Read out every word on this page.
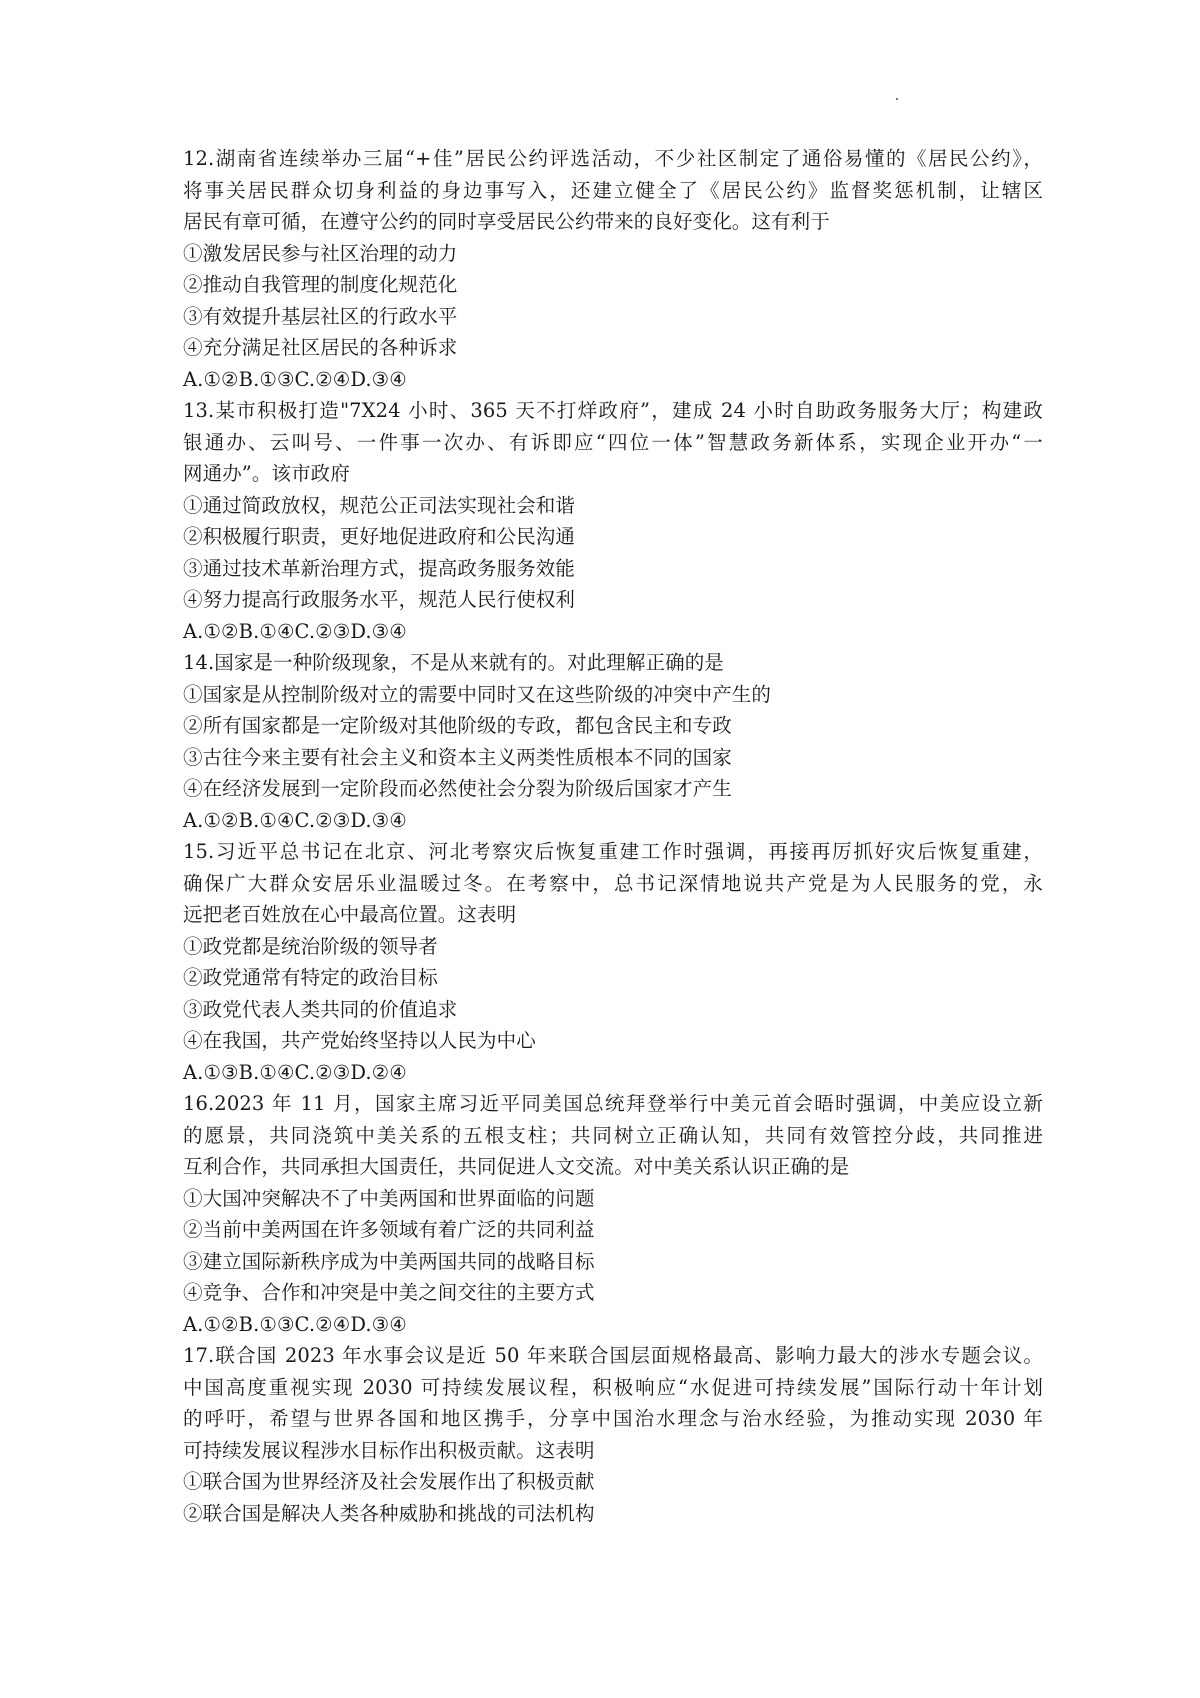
12.湖南省连续举办三届“+佳”居民公约评选活动，不少社区制定了通俗易懂的《居民公约》，
将事关居民群众切身利益的身边事写入，还建立健全了《居民公约》监督奖惩机制，让辖区
居民有章可循，在遵守公约的同时享受居民公约带来的良好变化。这有利于
①激发居民参与社区治理的动力
②推动自我管理的制度化规范化
③有效提升基层社区的行政水平
④充分满足社区居民的各种诉求
A.①②B.①③C.②④D.③④
13.某市积极打造"7X24 小时、365 天不打烊政府”，建成 24 小时自助政务服务大厅；构建政
银通办、云叫号、一件事一次办、有诉即应“四位一体”智慧政务新体系，实现企业开办“一
网通办”。该市政府
①通过简政放权，规范公正司法实现社会和谐
②积极履行职责，更好地促进政府和公民沟通
③通过技术革新治理方式，提高政务服务效能
④努力提高行政服务水平，规范人民行使权利
A.①②B.①④C.②③D.③④
14.国家是一种阶级现象，不是从来就有的。对此理解正确的是
①国家是从控制阶级对立的需要中同时又在这些阶级的冲突中产生的
②所有国家都是一定阶级对其他阶级的专政，都包含民主和专政
③古往今来主要有社会主义和资本主义两类性质根本不同的国家
④在经济发展到一定阶段而必然使社会分裂为阶级后国家才产生
A.①②B.①④C.②③D.③④
15.习近平总书记在北京、河北考察灾后恢复重建工作时强调，再接再厉抓好灾后恢复重建，
确保广大群众安居乐业温暖过冬。在考察中，总书记深情地说共产党是为人民服务的党，永
远把老百姓放在心中最高位置。这表明
①政党都是统治阶级的领导者
②政党通常有特定的政治目标
③政党代表人类共同的价值追求
④在我国，共产党始终坚持以人民为中心
A.①③B.①④C.②③D.②④
16.2023 年 11 月，国家主席习近平同美国总统拜登举行中美元首会晤时强调，中美应设立新
的愿景，共同浇筑中美关系的五根支柱；共同树立正确认知，共同有效管控分歧，共同推进
互利合作，共同承担大国责任，共同促进人文交流。对中美关系认识正确的是
①大国冲突解决不了中美两国和世界面临的问题
②当前中美两国在许多领域有着广泛的共同利益
③建立国际新秩序成为中美两国共同的战略目标
④竞争、合作和冲突是中美之间交往的主要方式
A.①②B.①③C.②④D.③④
17.联合国 2023 年水事会议是近 50 年来联合国层面规格最高、影响力最大的涉水专题会议。
中国高度重视实现 2030 可持续发展议程，积极响应“水促进可持续发展”国际行动十年计划
的呼吁，希望与世界各国和地区携手，分享中国治水理念与治水经验，为推动实现 2030 年
可持续发展议程涉水目标作出积极贡献。这表明
①联合国为世界经济及社会发展作出了积极贡献
②联合国是解决人类各种威胁和挑战的司法机构
